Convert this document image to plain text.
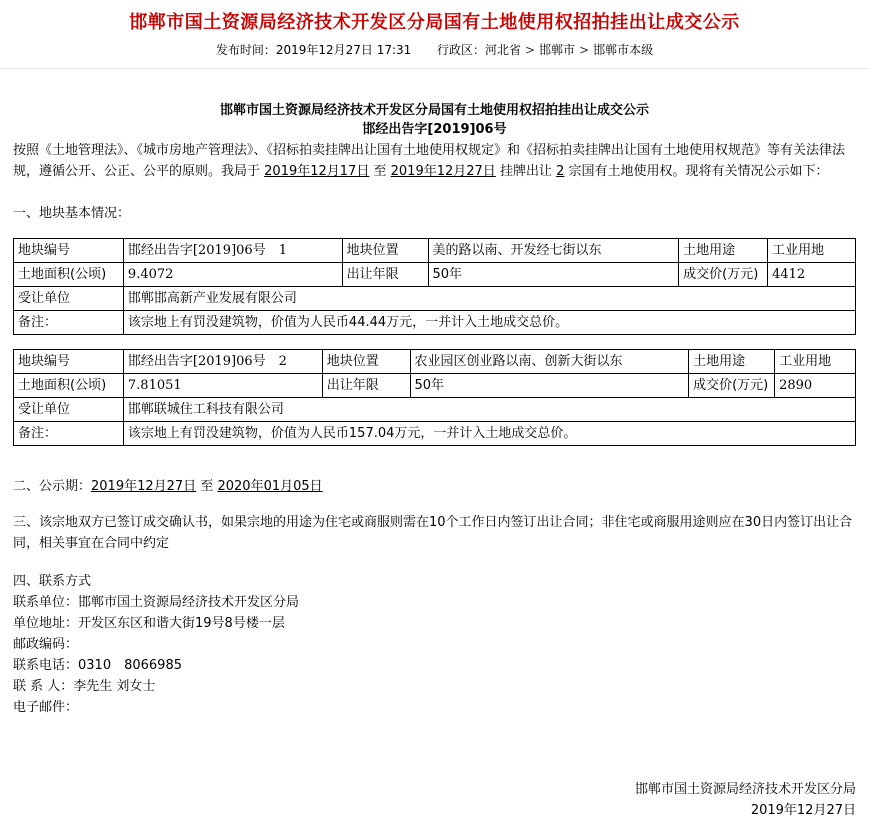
邯郸市国土资源局经济技术开发区分局国有土地使用权招拍挂出让成交公示
发布时间：2019年12月27日 17:31 行政区：河北省 > 邯郸市 > 邯郸市本级
邯郸市国土资源局经济技术开发区分局国有土地使用权招拍挂出让成交公示
邯经出告字[2019]06号

按照《土地管理法》、《城市房地产管理法》、《招标拍卖挂牌出让国有土地使用权规定》和《招标拍卖挂牌出让国有土地使用权规范》等有关法律法规，遵循公开、公正、公平的原则。我局于 2019年12月17日 至 2019年12月27日 挂牌出让 2 宗国有土地使用权。现将有关情况公示如下：

一、地块基本情况：

地块编号	邯经出告字[2019]06号　1	地块位置	美的路以南、开发经七街以东	土地用途	工业用地
土地面积(公顷)	9.4072	出让年限	50年	成交价(万元)	4412
受让单位	邯郸邯高新产业发展有限公司				
备注：	该宗地上有罚没建筑物，价值为人民币44.44万元，一并计入土地成交总价。				
地块编号	邯经出告字[2019]06号　2	地块位置	农业园区创业路以南、创新大街以东	土地用途	工业用地
土地面积(公顷)	7.81051	出让年限	50年	成交价(万元)	2890
受让单位	邯郸联城住工科技有限公司				
备注：	该宗地上有罚没建筑物，价值为人民币157.04万元，一并计入土地成交总价。				

二、公示期：2019年12月27日 至 2020年01月05日

三、该宗地双方已签订成交确认书，如果宗地的用途为住宅或商服则需在10个工作日内签订出让合同；非住宅或商服用途则应在30日内签订出让合同，相关事宜在合同中约定

四、联系方式

联系单位：邯郸市国土资源局经济技术开发区分局

单位地址：开发区东区和谐大街19号8号楼一层

邮政编码：

联系电话：0310　8066985

联 系 人：李先生 刘女士

电子邮件：

邯郸市国土资源局经济技术开发区分局
2019年12月27日
